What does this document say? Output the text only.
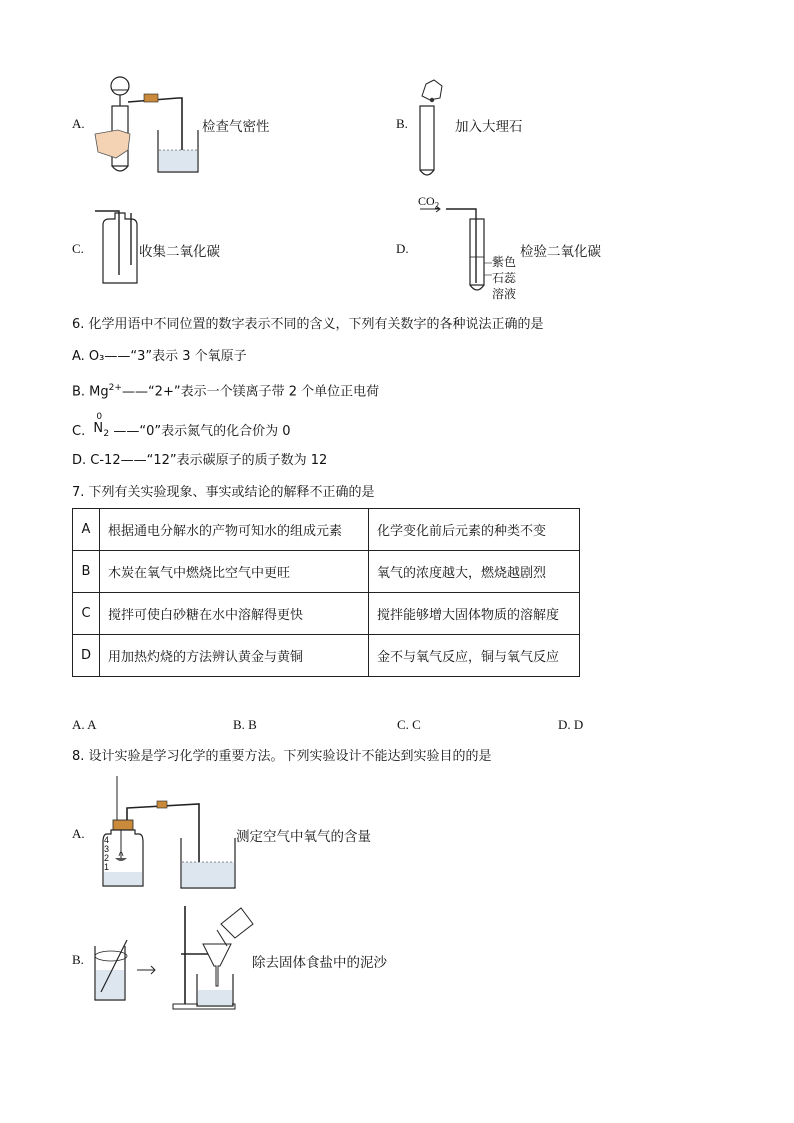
A.	检查气密性	B.	加入大理石
C.	收集二氧化碳	D.
$CO_2$
紫色
石蕊
溶液
检验二氧化碳
6. 化学用语中不同位置的数字表示不同的含义，下列有关数字的各种说法正确的是
A. O₃——“3”表示 3 个氧原子
B. $Mg^{2+}——“2+$”表示一个镁离子带 2 个单位正电荷
C.
0
N 2 ——“0”表示氮气的化合价为 0
D. C-12——“12”表示碳原子的质子数为 12
7. 下列有关实验现象、事实或结论的解释不正确的是
A	根据通电分解水的产物可知水的组成元素	化学变化前后元素的种类不变
B	木炭在氧气中燃烧比空气中更旺	氧气的浓度越大，燃烧越剧烈
C	搅拌可使白砂糖在水中溶解得更快	搅拌能够增大固体物质的溶解度
D	用加热灼烧的方法辨认黄金与黄铜	金不与氧气反应，铜与氧气反应
A. A	B. B	C. C	D. D
8. 设计实验是学习化学的重要方法。下列实验设计不能达到实验目的的是
A. 4
3
2
1
测定空气中氧气的含量
B.	除去固体食盐中的泥沙
